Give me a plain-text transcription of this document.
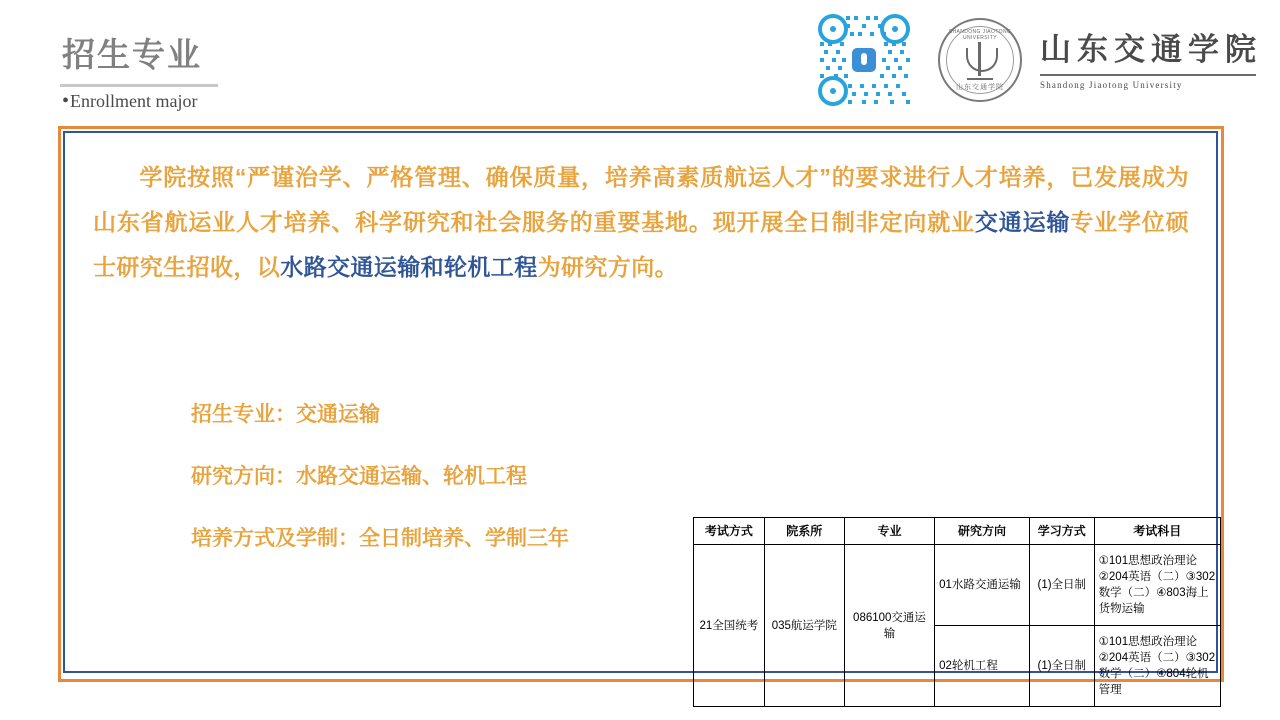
招生专业
•Enrollment major
SHANDONG JIAOTONG UNIVERSITY
山东交通学院
山东交通学院
Shandong Jiaotong University
学院按照“严谨治学、严格管理、确保质量，培养高素质航运人才”的要求进行人才培养，已发展成为山东省航运业人才培养、科学研究和社会服务的重要基地。现开展全日制非定向就业交通运输专业学位硕士研究生招收，以水路交通运输和轮机工程为研究方向。
招生专业：交通运输
研究方向：水路交通运输、轮机工程
培养方式及学制：全日制培养、学制三年	考试方式	院系所	专业	研究方向	学习方式	考试科目
21全国统考	035航运学院	086100交通运输	01水路交通运输	(1)全日制	①101思想政治理论②204英语（二）③302数学（二）④803海上货物运输
			02轮机工程	(1)全日制	①101思想政治理论②204英语（二）③302数学（二）④804轮机管理
